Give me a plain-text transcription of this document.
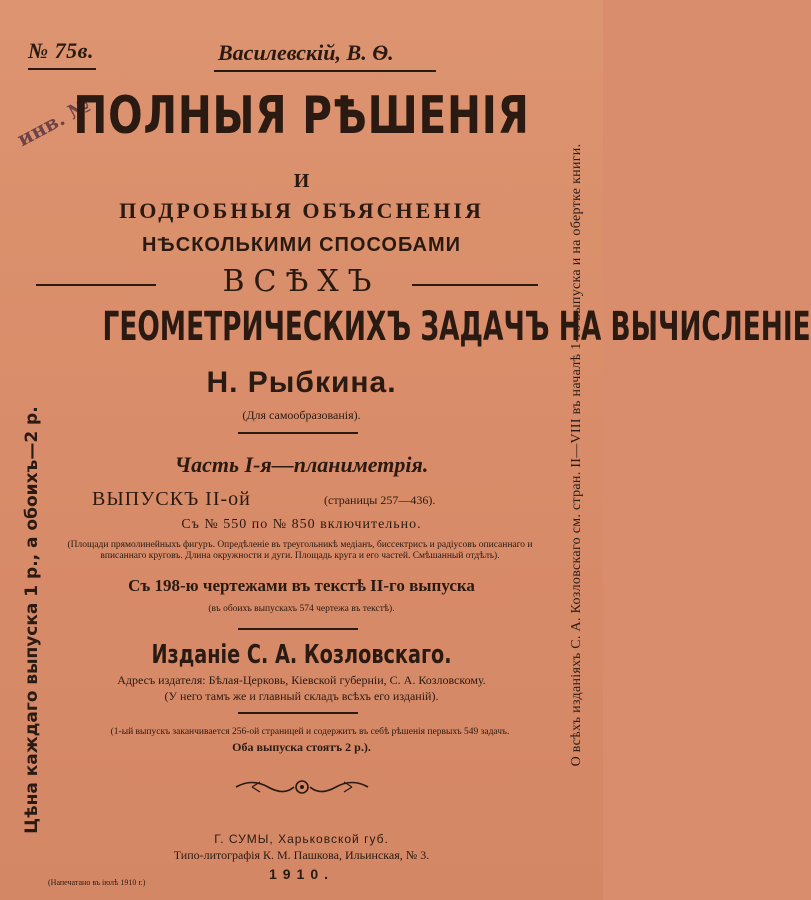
№ 75в.	Василевскій, В. Ѳ.
инв. №
ПОЛНЫЯ РѢШЕНІЯ
И
ПОДРОБНЫЯ ОБЪЯСНЕНІЯ
НѢСКОЛЬКИМИ СПОСОБАМИ
ВСѢХЪ
ГЕОМЕТРИЧЕСКИХЪ ЗАДАЧЪ НА ВЫЧИСЛЕНІЕ
Н. Рыбкина.
(Для самообразованія).
Часть I-я—планиметрія.
ВЫПУСКЪ II-ой	(страницы 257—436).
Съ № 550 по № 850 включительно.
(Площади прямолинейныхъ фигуръ. Опредѣленіе въ треугольникѣ медіанъ, биссектрисъ и радіусовъ описаннаго и вписаннаго круговъ. Длина окружности и дуги. Площадь круга и его частей. Смѣшанный отдѣлъ).
Съ 198-ю чертежами въ текстѣ II-го выпуска
(въ обоихъ выпускахъ 574 чертежа въ текстѣ).
Изданіе С. А. Козловскаго.
Адресъ издателя: Бѣлая-Церковь, Кіевской губерніи, С. А. Козловскому.
(У него тамъ же и главный складъ всѣхъ его изданій).
(1-ый выпускъ заканчивается 256-ой страницей и содержитъ въ себѣ рѣшенія первыхъ 549 задачъ.
Оба выпуска стоятъ 2 р.).
Г. СУМЫ, Харьковской губ.
Типо-литографія К. М. Пашкова, Ильинская, № 3.
1910.
(Напечатано въ іюлѣ 1910 г.)
Цѣна каждаго выпуска 1 р., а обоихъ—2 р.	О всѣхъ изданіяхъ С. А. Козловскаго см. стран. II—VIII въ началѣ 1-го выпуска и на обертке книги.
